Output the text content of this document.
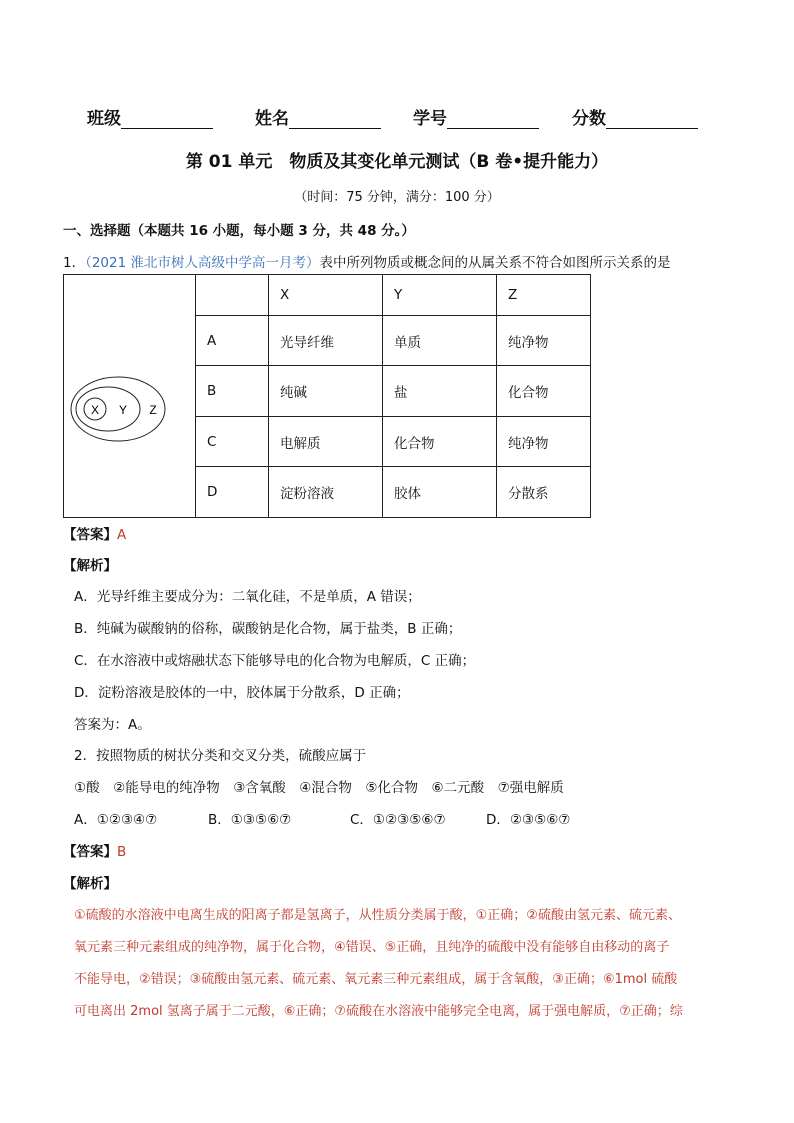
班级	姓名	学号	分数
第 01 单元　物质及其变化单元测试（B 卷•提升能力）
（时间：75 分钟，满分：100 分）
一、选择题（本题共 16 小题，每小题 3 分，共 48 分。）
1．（2021 淮北市树人高级中学高一月考）表中所列物质或概念间的从属关系不符合如图所示关系的是
X Y Z		X	Y	Z
	A	光导纤维	单质	纯净物
	B	纯碱	盐	化合物
	C	电解质	化合物	纯净物
	D	淀粉溶液	胶体	分散系
【答案】A
【解析】
A．光导纤维主要成分为：二氧化硅，不是单质，A 错误；
B．纯碱为碳酸钠的俗称，碳酸钠是化合物，属于盐类，B 正确；
C．在水溶液中或熔融状态下能够导电的化合物为电解质，C 正确；
D．淀粉溶液是胶体的一中，胶体属于分散系，D 正确；
答案为：A。
2．按照物质的树状分类和交叉分类，硫酸应属于
①酸　②能导电的纯净物　③含氧酸　④混合物　⑤化合物　⑥二元酸　⑦强电解质
A．①②③④⑦	B．①③⑤⑥⑦	C．①②③⑤⑥⑦	D．②③⑤⑥⑦
【答案】B
【解析】
①硫酸的水溶液中电离生成的阳离子都是氢离子，从性质分类属于酸，①正确；②硫酸由氢元素、硫元素、
氧元素三种元素组成的纯净物，属于化合物，④错误、⑤正确，且纯净的硫酸中没有能够自由移动的离子
不能导电，②错误；③硫酸由氢元素、硫元素、氧元素三种元素组成，属于含氧酸，③正确；⑥1mol 硫酸
可电离出 2mol 氢离子属于二元酸，⑥正确；⑦硫酸在水溶液中能够完全电离，属于强电解质，⑦正确；综
